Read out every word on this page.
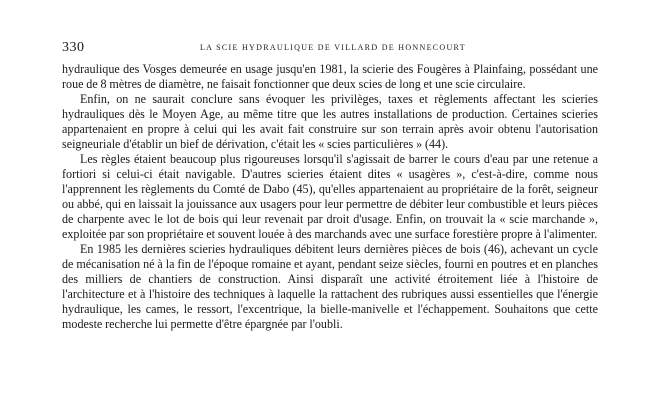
330	LA SCIE HYDRAULIQUE DE VILLARD DE HONNECOURT

hydraulique des Vosges demeurée en usage jusqu'en 1981, la scierie des Fougères à Plainfaing, possédant une roue de 8 mètres de diamètre, ne faisait fonctionner que deux scies de long et une scie circulaire.

Enfin, on ne saurait conclure sans évoquer les privilèges, taxes et règlements affectant les scieries hydrauliques dès le Moyen Age, au même titre que les autres installations de production. Certaines scieries appartenaient en propre à celui qui les avait fait construire sur son terrain après avoir obtenu l'autorisation seigneuriale d'établir un bief de dérivation, c'était les « scies particulières » (44).

Les règles étaient beaucoup plus rigoureuses lorsqu'il s'agissait de barrer le cours d'eau par une retenue a fortiori si celui-ci était navigable. D'autres scieries étaient dites « usagères », c'est-à-dire, comme nous l'apprennent les règlements du Comté de Dabo (45), qu'elles appartenaient au propriétaire de la forêt, seigneur ou abbé, qui en laissait la jouissance aux usagers pour leur permettre de débiter leur combustible et leurs pièces de charpente avec le lot de bois qui leur revenait par droit d'usage. Enfin, on trouvait la « scie marchande », exploitée par son propriétaire et souvent louée à des marchands avec une surface forestière propre à l'alimenter.

En 1985 les dernières scieries hydrauliques débitent leurs dernières pièces de bois (46), achevant un cycle de mécanisation né à la fin de l'époque romaine et ayant, pendant seize siècles, fourni en poutres et en planches des milliers de chantiers de construction. Ainsi disparaît une activité étroitement liée à l'histoire de l'architecture et à l'histoire des techniques à laquelle la rattachent des rubriques aussi essentielles que l'énergie hydraulique, les cames, le ressort, l'excentrique, la bielle-manivelle et l'échappement. Souhaitons que cette modeste recherche lui permette d'être épargnée par l'oubli.
